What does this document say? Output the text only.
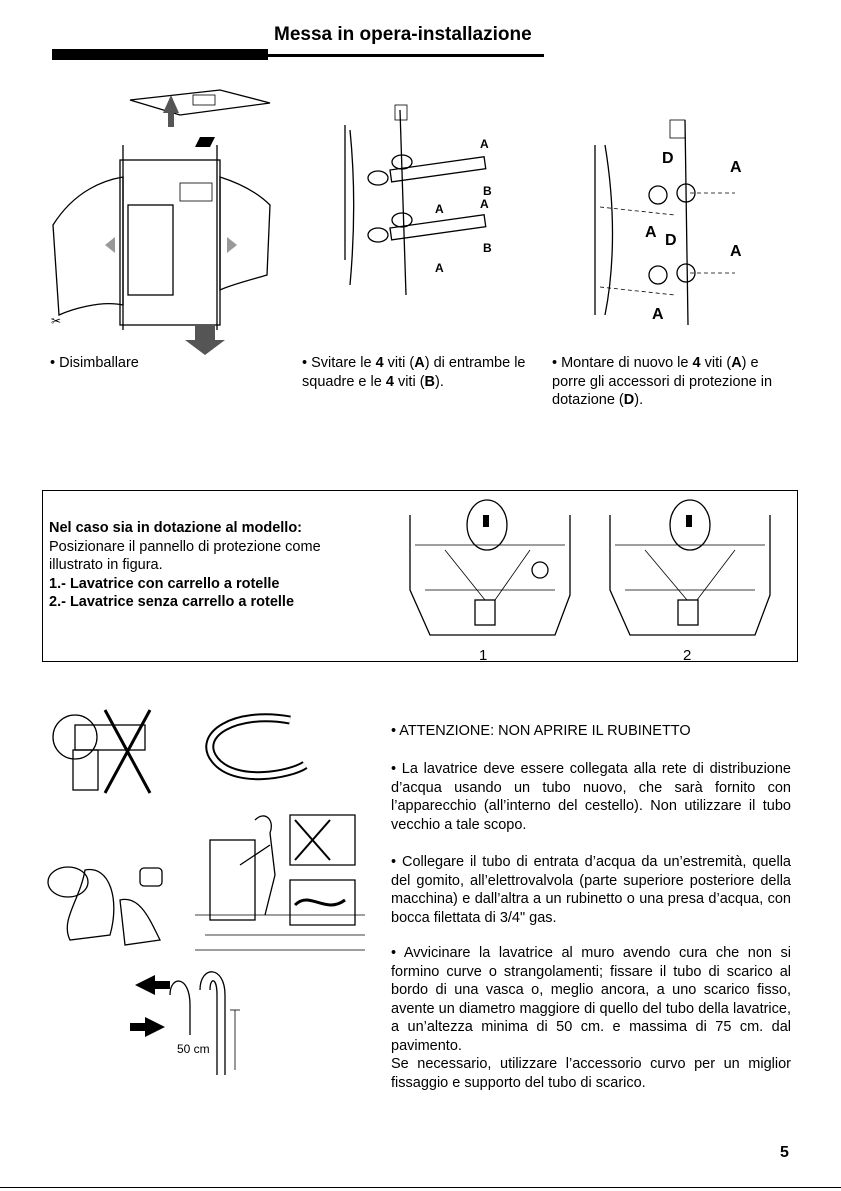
Messa in opera-installazione
✂
A
B
A	A
B
A
D
A
A D
A
A
• Disimballare	• Svitare le 4 viti (A) di entrambe le squadre e le 4 viti (B).
• Montare di nuovo le 4 viti (A) e porre gli accessori di protezione in dotazione (D).
Nel caso sia in dotazione al modello:
Posizionare il pannello di protezione come
illustrato in figura.
1.- Lavatrice con carrello a rotelle
2.- Lavatrice senza carrello a rotelle
1	2
50 cm
• ATTENZIONE: NON APRIRE IL RUBINETTO
• La lavatrice deve essere collegata alla rete di distribuzione d’acqua usando un tubo nuovo, che sarà fornito con l’apparecchio (all’interno del cestello). Non utilizzare il tubo vecchio a tale scopo.
• Collegare il tubo di entrata d’acqua da un’estremità, quella del gomito, all’elettrovalvola (parte superiore posteriore della macchina) e dall’altra a un rubinetto o una presa d’acqua, con bocca filettata di 3/4" gas.
• Avvicinare la lavatrice al muro avendo cura che non si formino curve o strangolamenti; fissare il tubo di scarico al bordo di una vasca o, meglio ancora, a uno scarico fisso, avente un diametro maggiore di quello del tubo della lavatrice, a un’altezza minima di 50 cm. e massima di 75 cm. dal pavimento.
Se necessario, utilizzare l’accessorio curvo per un miglior fissaggio e supporto del tubo di scarico.
5
